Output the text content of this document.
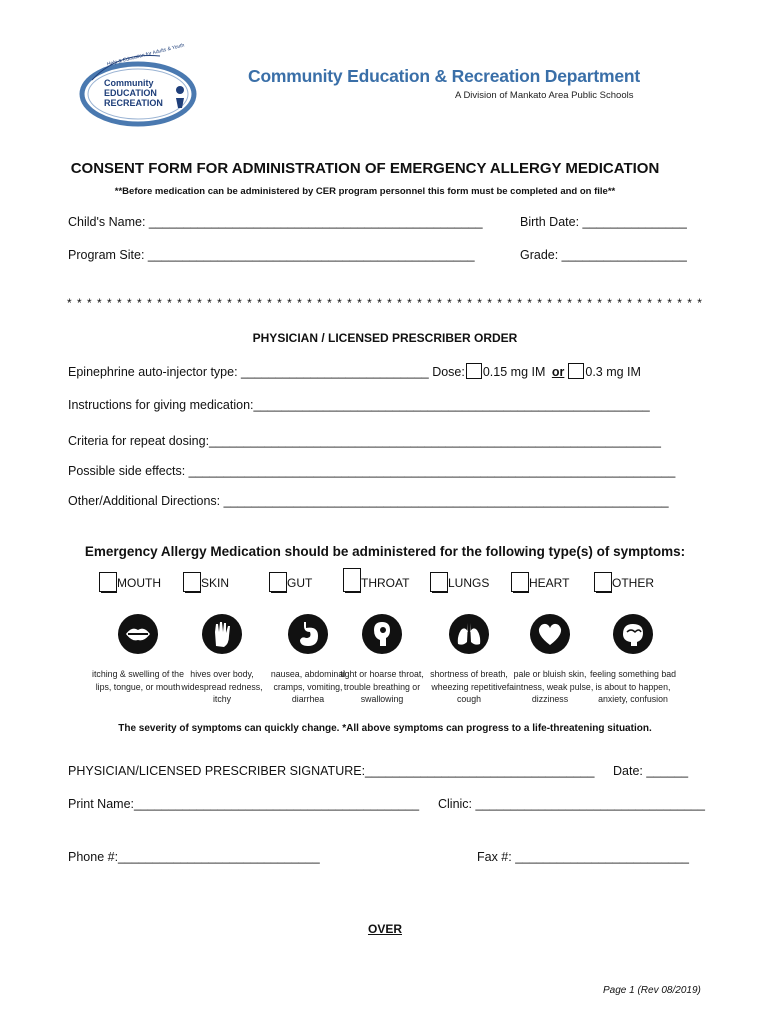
Community
EDUCATION
RECREATION
Help & Education for Adults & Youth
Community Education & Recreation Department
A Division of Mankato Area Public Schools
CONSENT FORM FOR ADMINISTRATION OF EMERGENCY ALLERGY MEDICATION
**Before medication can be administered by CER program personnel this form must be completed and on file**
Child's Name: ________________________________________________	Birth Date: _______________
Program Site: _______________________________________________	Grade: __________________
* * * * * * * * * * * * * * * * * * * * * * * * * * * * * * * * * * * * * * * * * * * * * * * * * * * * * * * * * * * * * * * *
PHYSICIAN / LICENSED PRESCRIBER ORDER
Epinephrine auto-injector type: ___________________________ Dose: 0.15 mg IM or 0.3 mg IM
Instructions for giving medication:_________________________________________________________
Criteria for repeat dosing:_________________________________________________________________
Possible side effects: ______________________________________________________________________
Other/Additional Directions: ________________________________________________________________
Emergency Allergy Medication should be administered for the following type(s) of symptoms:
MOUTH
itching & swelling of the lips, tongue, or mouth
SKIN
hives over body, widespread redness, itchy
GUT
nausea, abdominal cramps, vomiting, diarrhea
THROAT
tight or hoarse throat, trouble breathing or swallowing
LUNGS
shortness of breath, wheezing repetitive cough
HEART
pale or bluish skin, faintness, weak pulse, dizziness
OTHER
feeling something bad is about to happen, anxiety, confusion
The severity of symptoms can quickly change. *All above symptoms can progress to a life-threatening situation.
PHYSICIAN/LICENSED PRESCRIBER SIGNATURE:_________________________________ Date: ______
Print Name:_________________________________________ Clinic: _________________________________
Phone #:_____________________________	Fax #: _________________________
OVER
Page 1 (Rev 08/2019)
